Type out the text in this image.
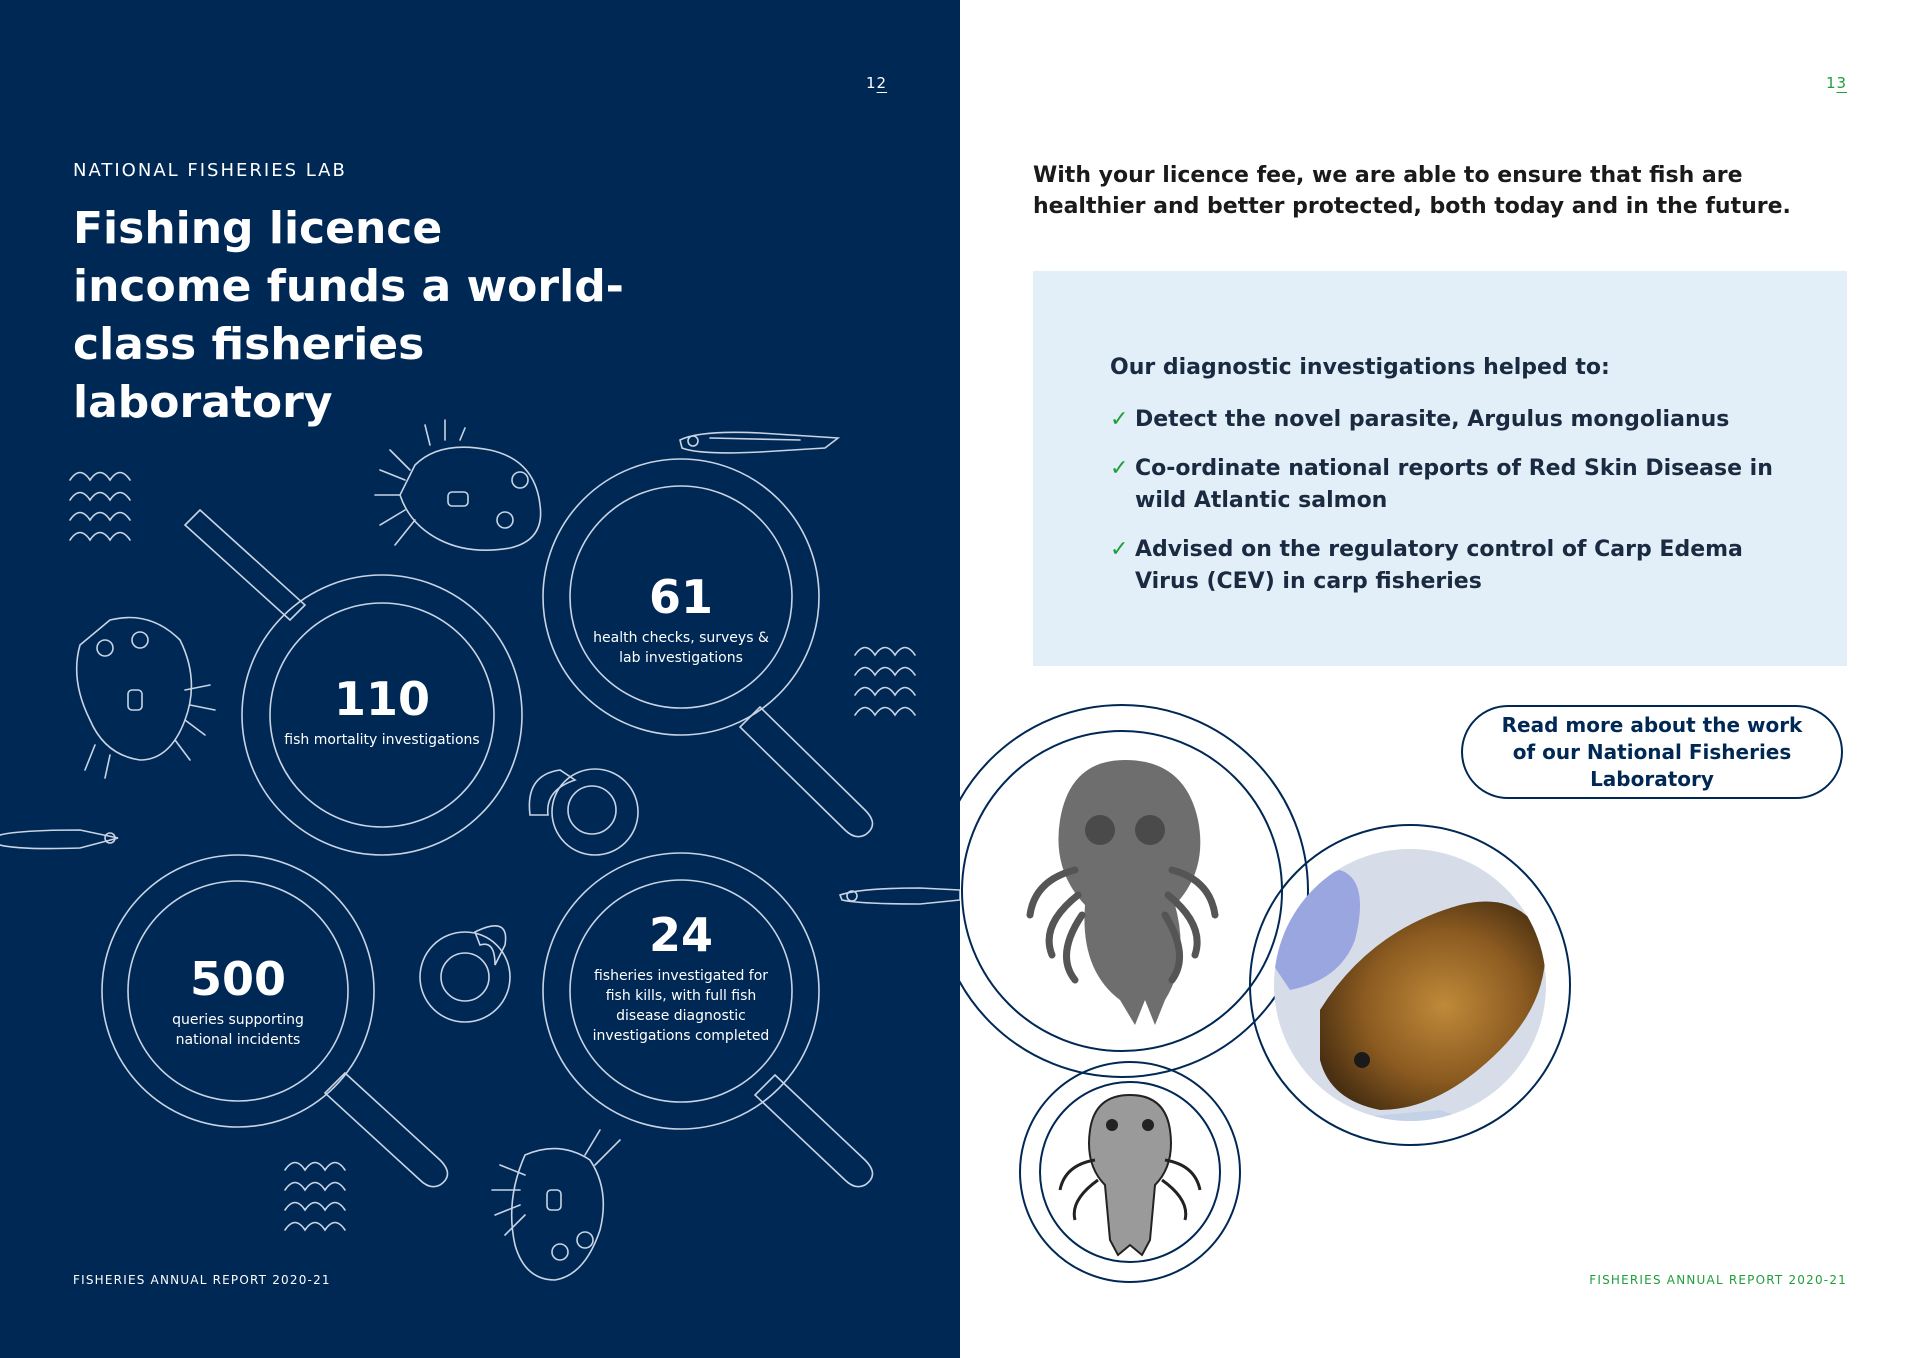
12
NATIONAL FISHERIES LAB
Fishing licence income funds a world-class fisheries laboratory
61
health checks, surveys & lab investigations
110
fish mortality investigations
500
queries supporting national incidents
24
fisheries investigated for fish kills, with full fish disease diagnostic investigations completed
FISHERIES ANNUAL REPORT 2020-21
13
With your licence fee, we are able to ensure that fish are healthier and better protected, both today and in the future.
Our diagnostic investigations helped to:
✓ Detect the novel parasite, Argulus mongolianus
✓ Co-ordinate national reports of Red Skin Disease in wild Atlantic salmon
✓ Advised on the regulatory control of Carp Edema Virus (CEV) in carp fisheries
Read more about the work of our National Fisheries Laboratory
FISHERIES ANNUAL REPORT 2020-21
